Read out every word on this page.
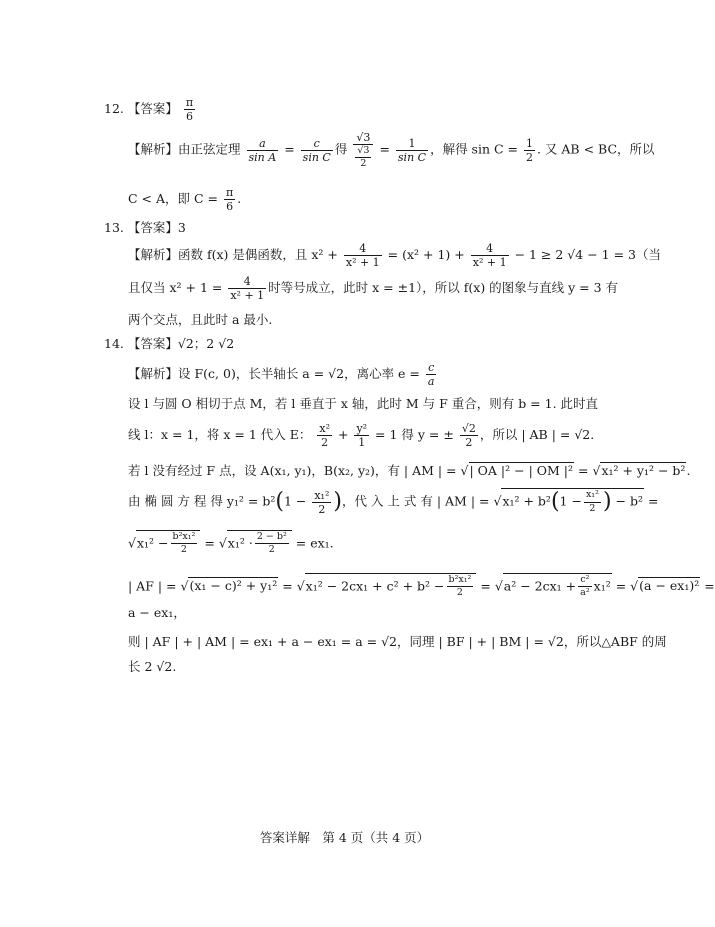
12. 【答案】 $\frac{\pi}{6}$
【解析】由正弦定理 $\frac{a}{\text{sin A}} = \frac{c}{\text{sin C}}$ 得 $\frac{√3}{\frac{√3}{2}} = \frac{1}{\text{sin C}}$ ，解得 $\sin C = \frac{1}{2}$ . 又 AB < BC，所以
C < A，即 $C = \frac{\pi}{6}$ .
13. 【答案】3
【解析】函数 f(x) 是偶函数，且 $x^2 + \frac{4}{\text{x² + 1}} = (x^2 + 1) + \frac{4}{\text{x² + 1}} - 1 \ge 2$ √4 − 1 = 3（当
且仅当 $x^2 + 1 = \frac{4}{\text{x² + 1}}$ 时等号成立，此时 x = ±1），所以 f(x) 的图象与直线 y = 3 有
两个交点，且此时 a 最小.
14. 【答案】√2；2 √2
【解析】设 F(c, 0)，长半轴长 a = √2，离心率 $e = \frac{c}{a}$
设 l 与圆 O 相切于点 M，若 l 垂直于 x 轴，此时 M 与 F 重合，则有 b = 1. 此时直
线 l：x = 1，将 x = 1 代入 E： $\frac{\text{x²}}{2} + \frac{\text{y²}}{1} = 1$ 得 y = ± $\frac{√2}{2}$ ，所以 | AB | = √2.
若 l 没有经过 F 点，设 A(x₁, y₁)，B(x₂, y₂)，有 | AM | = √| OA |² − | OM |² = √x₁² + y₁² − b².
由 椭 圆 方 程 得 $y_1^2 = b^2(1 - \frac{\text{x₁²}}{2}$ )，代 入 上 式 有 | AM | = $√x_1^2 + b^2(1 - \frac{\text{x₁²}}{2}$ ) − b² =
$√x_1^2 - \frac{\text{b²x₁²}}{2} = √x_1^2 \cdot \frac{\text{2 − b²}}{2} = ex_1$.
| AF | = $√(x_1 - c)^2 + y_1^2 = √x_1^2 - 2cx_1 + c^2 + b^2 - \frac{\text{b²x₁²}}{2} = √a^2 - 2cx_1 + \frac{\text{c²}}{\text{a²}} x_1^2 = √(a - ex_1)^2$ =
a − ex₁，
则 | AF | + | AM | = ex₁ + a − ex₁ = a = √2，同理 | BF | + | BM | = √2，所以△ABF 的周
长 2 √2.
答案详解　第 4 页（共 4 页）
